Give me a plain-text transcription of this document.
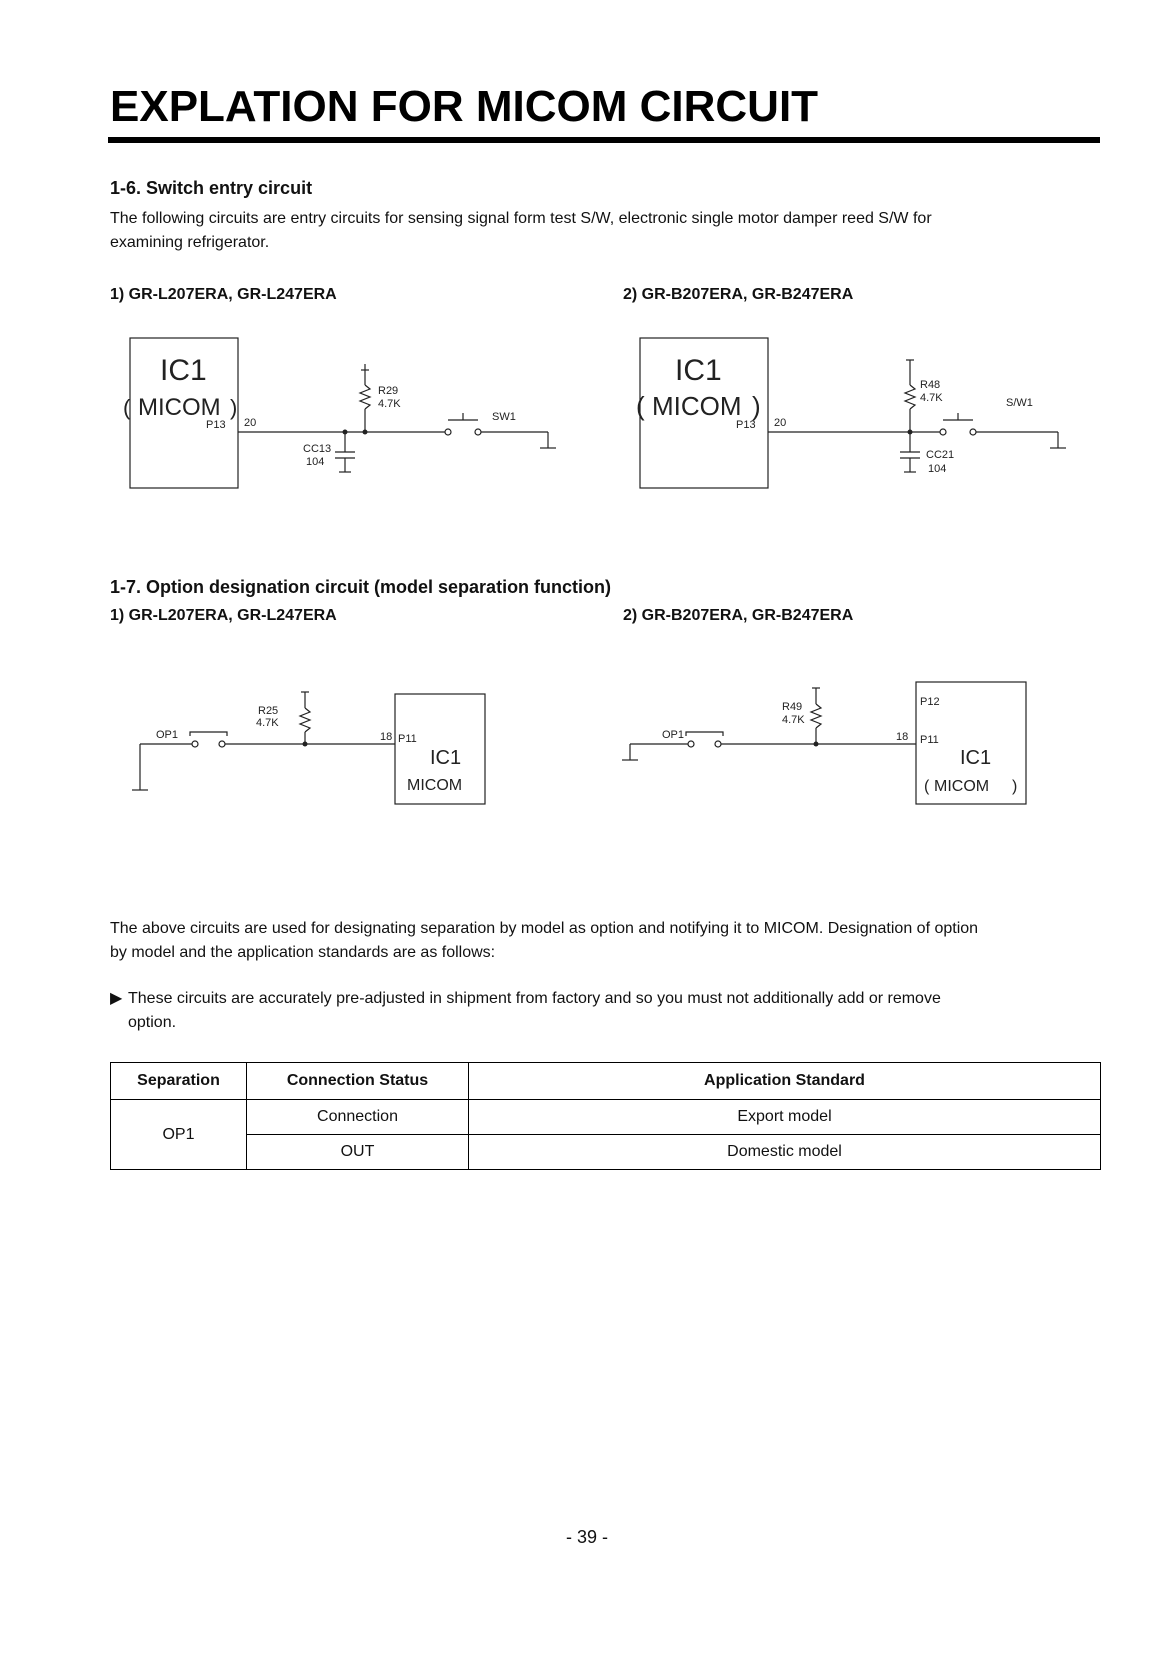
EXPLATION FOR MICOM CIRCUIT
1-6. Switch entry circuit
The following circuits are entry circuits for sensing signal form test S/W, electronic single motor damper reed S/W for
examining refrigerator.
1) GR-L207ERA, GR-L247ERA	2) GR-B207ERA, GR-B247ERA
IC1
( MICOM )
20
P13
R29
4.7K
CC13
104
SW1
IC1
( MICOM )
20
P13
R48
4.7K
CC21
104
S/W1
1-7. Option designation circuit (model separation function)
1) GR-L207ERA, GR-L247ERA	2) GR-B207ERA, GR-B247ERA
OP1
R25
4.7K
18 P11
IC1
MICOM
OP1
R49
4.7K
18
P12
P11
IC1
( MICOM )
The above circuits are used for designating separation by model as option and notifying it to MICOM. Designation of option
by model and the application standards are as follows:
▶ These circuits are accurately pre-adjusted in shipment from factory and so you must not additionally add or remove
option.
Separation	Connection Status	Application Standard
OP1	Connection	Export model
	OUT	Domestic model
- 39 -
